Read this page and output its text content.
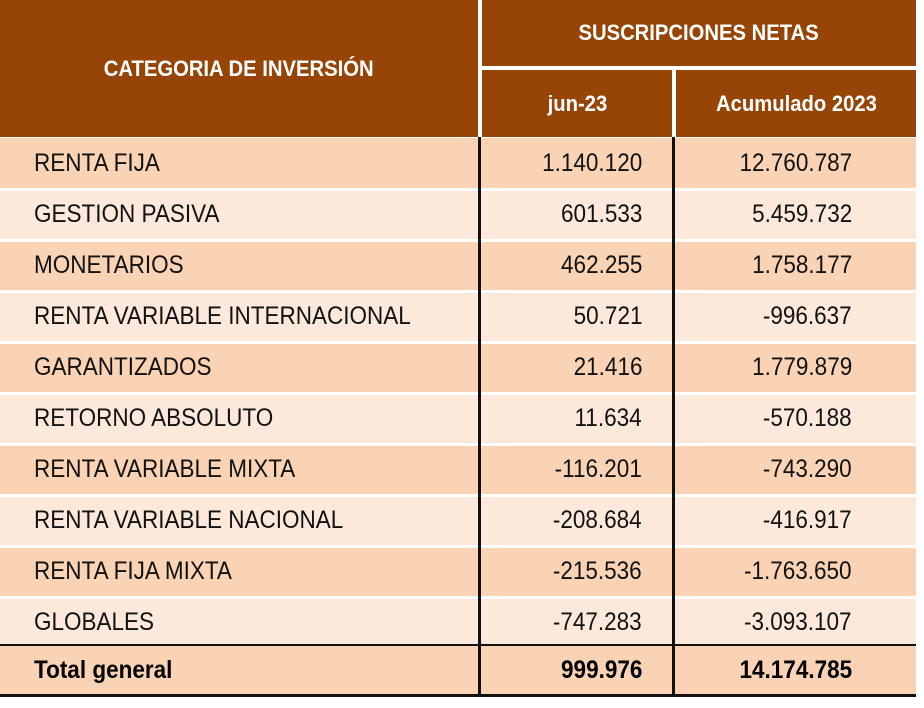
CATEGORIA DE INVERSIÓN
SUSCRIPCIONES NETAS
jun-23	Acumulado 2023
RENTA FIJA	1.140.120	12.760.787
GESTION PASIVA	601.533	5.459.732
MONETARIOS	462.255	1.758.177
RENTA VARIABLE INTERNACIONAL	50.721	-996.637
GARANTIZADOS	21.416	1.779.879
RETORNO ABSOLUTO	11.634	-570.188
RENTA VARIABLE MIXTA	-116.201	-743.290
RENTA VARIABLE NACIONAL	-208.684	-416.917
RENTA FIJA MIXTA	-215.536	-1.763.650
GLOBALES	-747.283	-3.093.107
Total general	999.976	14.174.785
